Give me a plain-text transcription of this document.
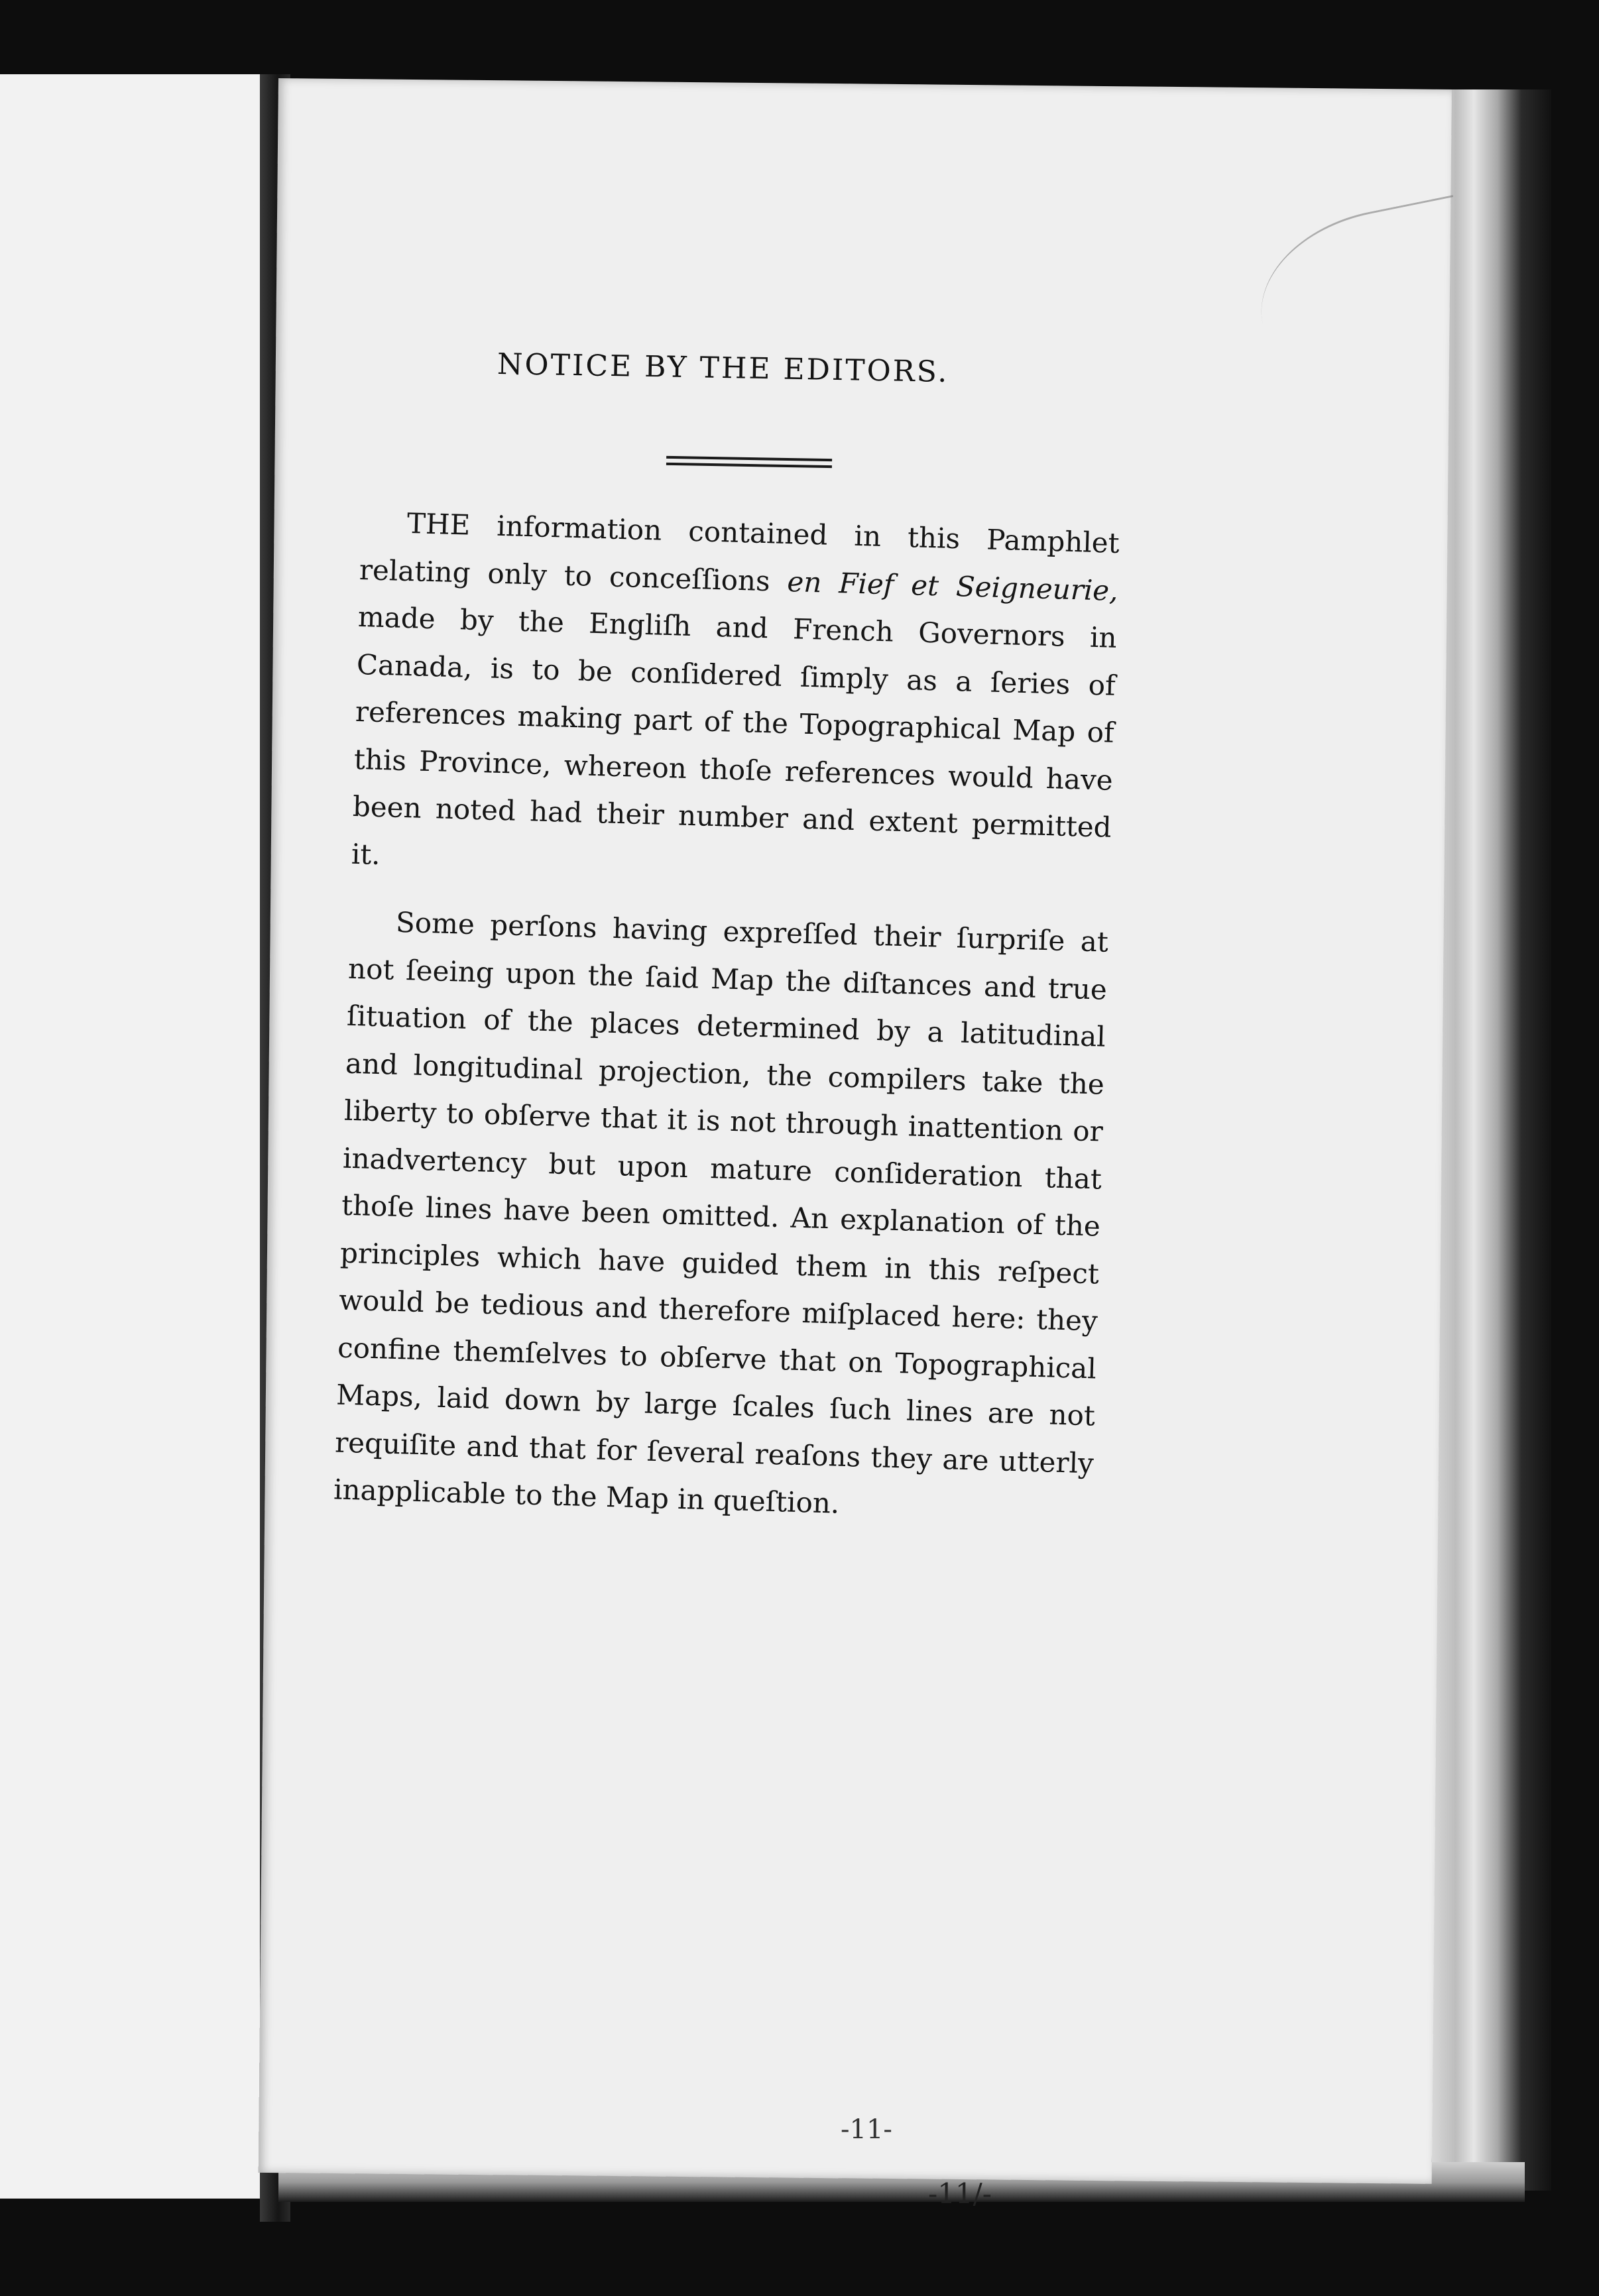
NOTICE BY THE EDITORS.

THE information contained in this Pamphlet relating only to conceſſions en Fief et Seigneurie, made by the Engliſh and French Governors in Canada, is to be conſidered ſimply as a ſeries of references making part of the Topographical Map of this Province, whereon thoſe references would have been noted had their number and extent permitted it.

Some perſons having expreſſed their ſurpriſe at not ſeeing upon the ſaid Map the diſtances and true ſituation of the places determined by a latitudinal and longitudinal projection, the compilers take the liberty to obſerve that it is not through inattention or inadvertency but upon mature conſideration that thoſe lines have been omitted. An explanation of the principles which have guided them in this reſpect would be tedious and therefore miſplaced here: they confine themſelves to obſerve that on Topographical Maps, laid down by large ſcales ſuch lines are not requiſite and that for ſeveral reaſons they are utterly inapplicable to the Map in queſtion.

-11-
-11/-
